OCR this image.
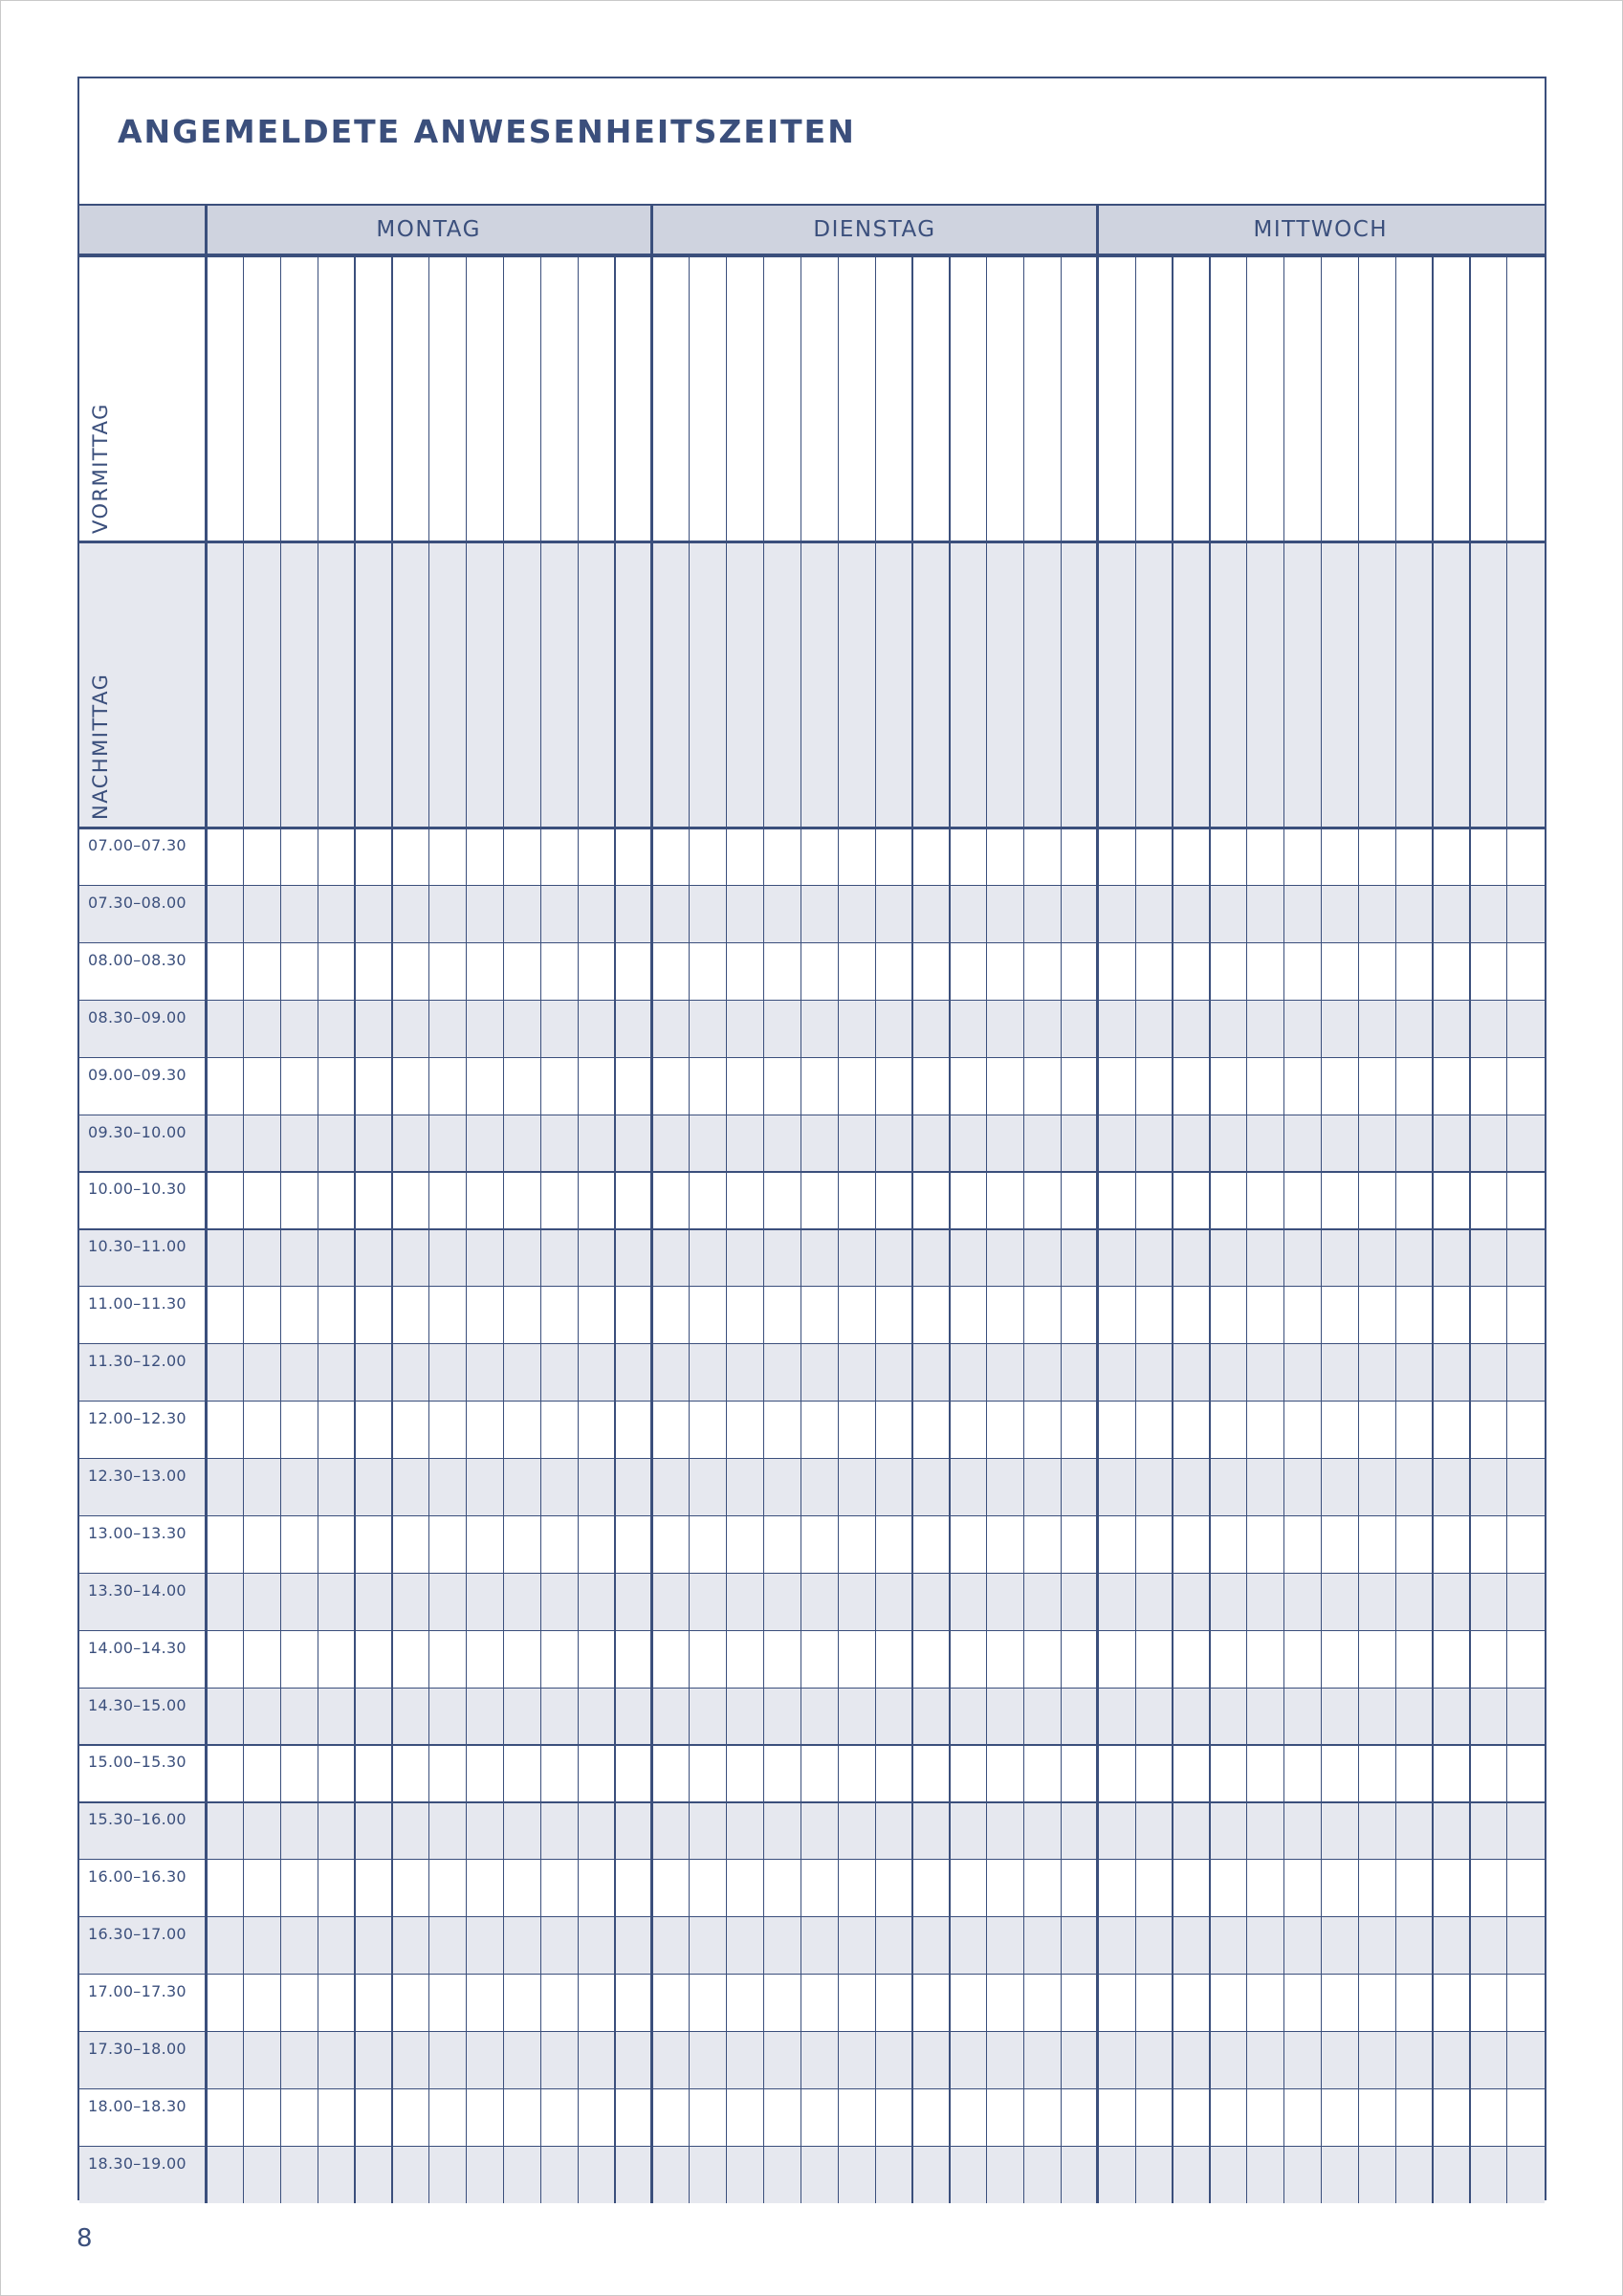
ANGEMELDETE ANWESENHEITSZEITEN
MONTAG	DIENSTAG	MITTWOCH
VORMITTAG
NACHMITTAG
07.00–07.30
07.30–08.00
08.00–08.30
08.30–09.00
09.00–09.30
09.30–10.00
10.00–10.30
10.30–11.00
11.00–11.30
11.30–12.00
12.00–12.30
12.30–13.00
13.00–13.30
13.30–14.00
14.00–14.30
14.30–15.00
15.00–15.30
15.30–16.00
16.00–16.30
16.30–17.00
17.00–17.30
17.30–18.00
18.00–18.30
18.30–19.00
8
